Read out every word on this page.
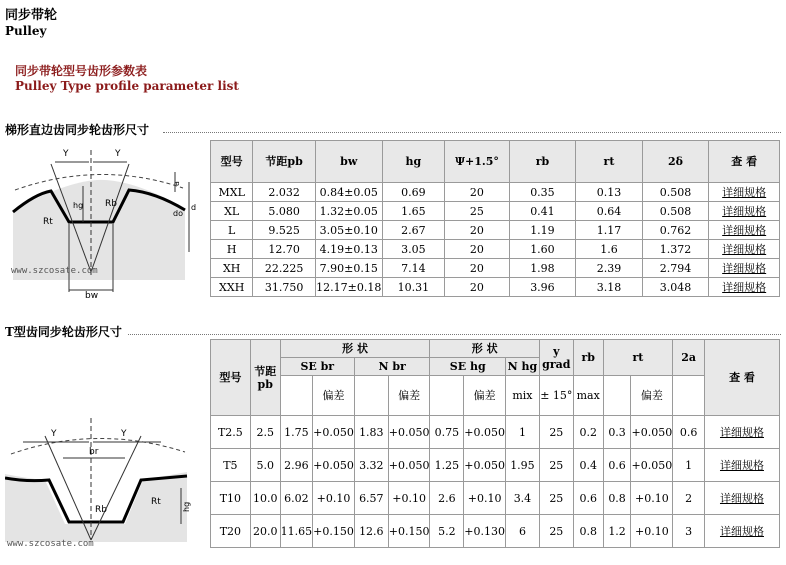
同步带轮
Pulley
同步带轮型号齿形参数表
Pulley Type profile parameter list
梯形直边齿同步轮齿形尺寸
Y	Y
a
hg
do
d
Rt
Rb
bw
www.szcosate.com
型号	节距pb	bw	hg	Ψ+1.5°	rb	rt	2δ	查 看
MXL	2.032	0.84±0.05	0.69	20	0.35	0.13	0.508	详细规格
XL	5.080	1.32±0.05	1.65	25	0.41	0.64	0.508	详细规格
L	9.525	3.05±0.10	2.67	20	1.19	1.17	0.762	详细规格
H	12.70	4.19±0.13	3.05	20	1.60	1.6	1.372	详细规格
XH	22.225	7.90±0.15	7.14	20	1.98	2.39	2.794	详细规格
XXH	31.750	12.17±0.18	10.31	20	3.96	3.18	3.048	详细规格
T型齿同步轮齿形尺寸
Y	Y
br
Rb
Rt	hg
www.szcosate.com
型号	节距 pb	形 状				形 状			y grad	rb	rt		2a	查 看
		SE br		N br		SE hg		N hg						
			偏差		偏差		偏差	mix	± 15°	max		偏差		
T2.5	2.5	1.75	+0.050	1.83	+0.050	0.75	+0.050	1	25	0.2	0.3	+0.050	0.6	详细规格
T5	5.0	2.96	+0.050	3.32	+0.050	1.25	+0.050	1.95	25	0.4	0.6	+0.050	1	详细规格
T10	10.0	6.02	+0.10	6.57	+0.10	2.6	+0.10	3.4	25	0.6	0.8	+0.10	2	详细规格
T20	20.0	11.65	+0.150	12.6	+0.150	5.2	+0.130	6	25	0.8	1.2	+0.10	3	详细规格
